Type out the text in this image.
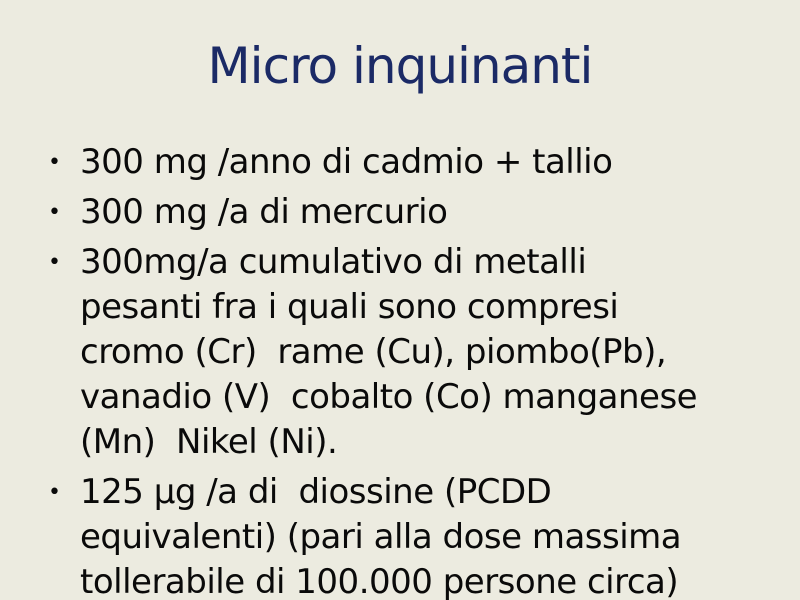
Micro inquinanti
• 300 mg /anno di cadmio + tallio
• 300 mg /a di mercurio
• 300mg/a cumulativo di metalli
pesanti fra i quali sono compresi
cromo (Cr)  rame (Cu), piombo(Pb),
vanadio (V)  cobalto (Co) manganese
(Mn)  Nikel (Ni).
• 125 µg /a di  diossine (PCDD
equivalenti) (pari alla dose massima
tollerabile di 100.000 persone circa)
